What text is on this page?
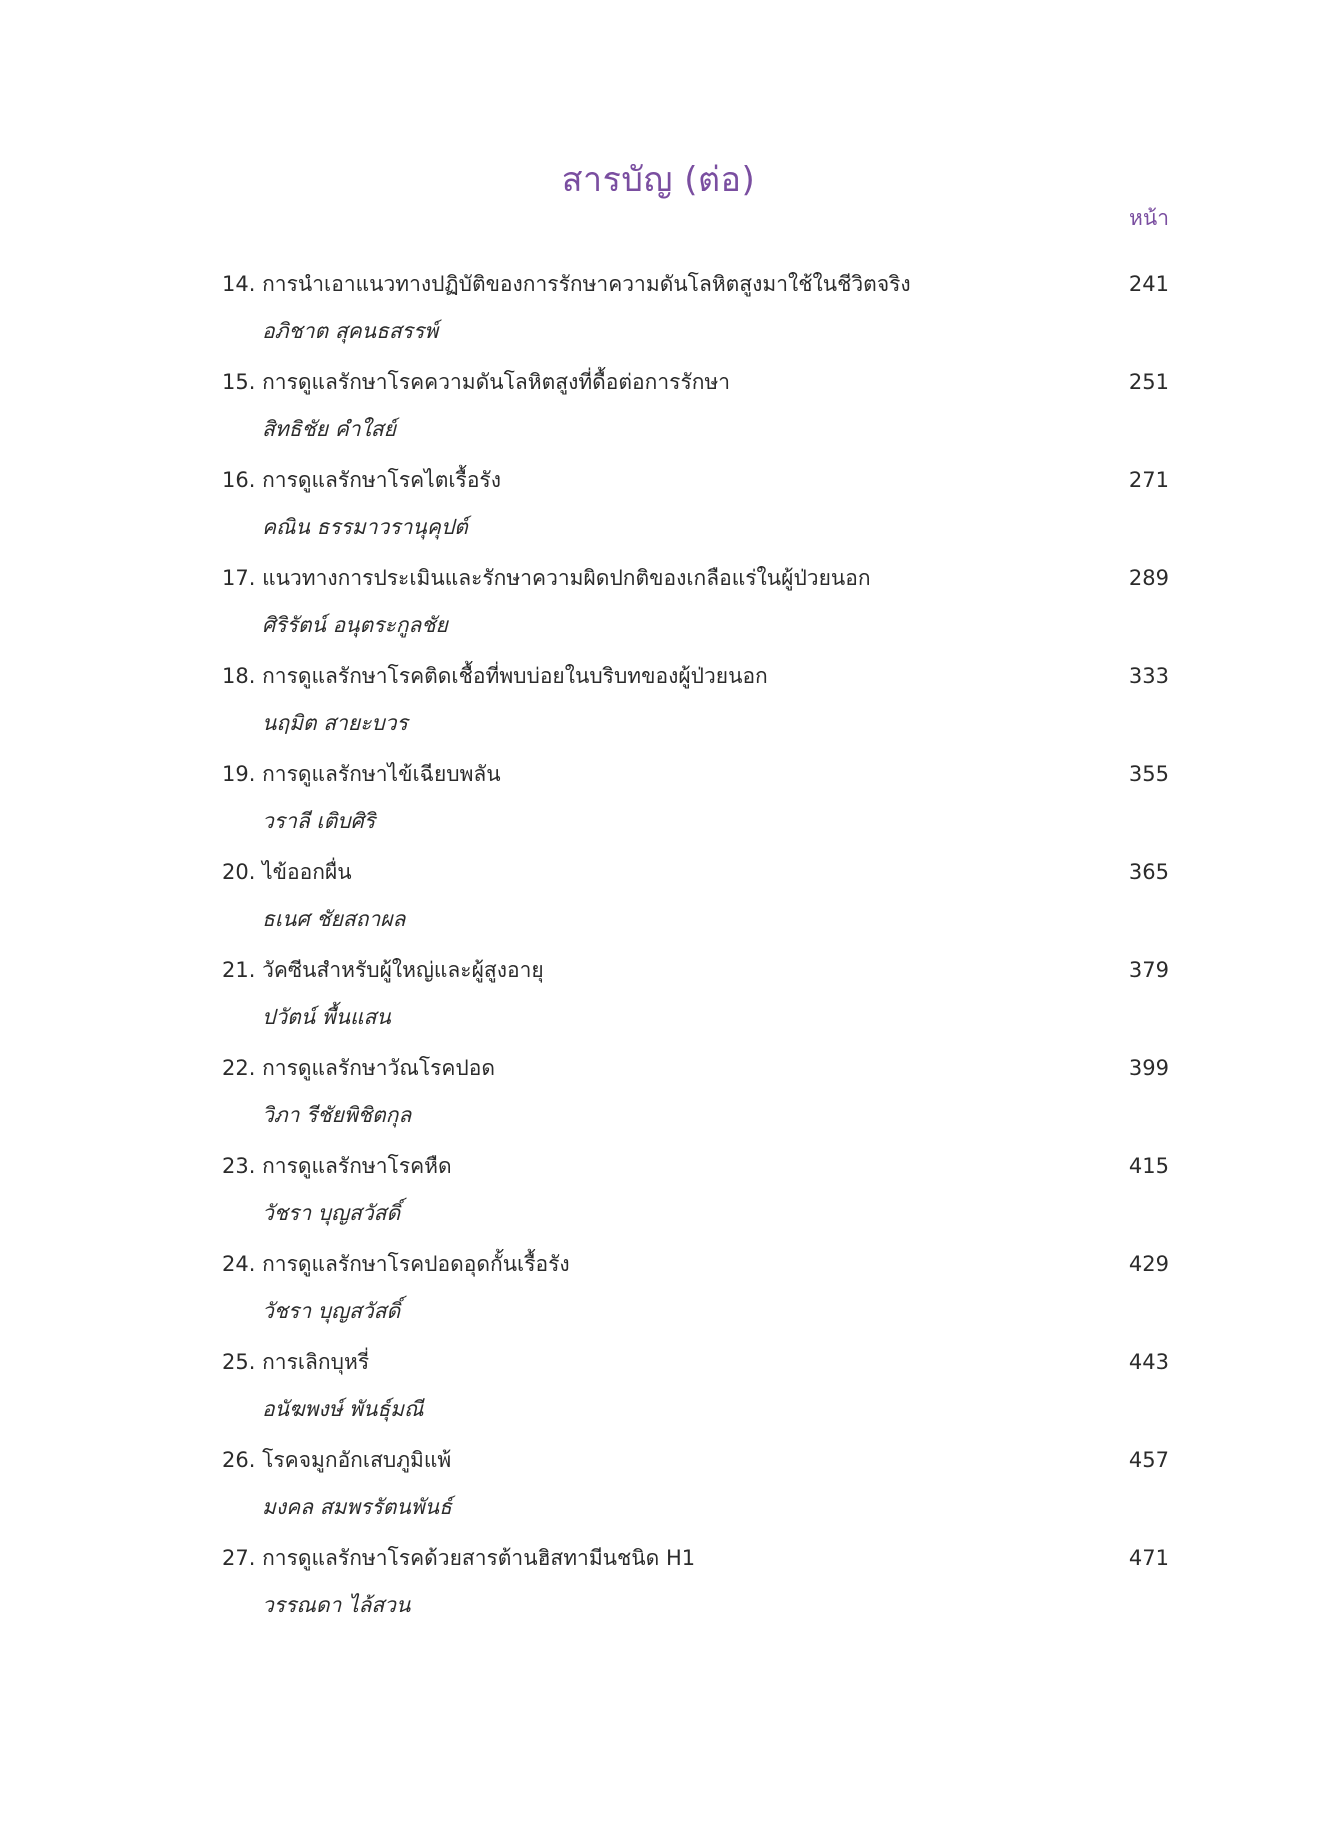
สารบัญ (ต่อ)
หน้า
14. การนำเอาแนวทางปฏิบัติของการรักษาความดันโลหิตสูงมาใช้ในชีวิตจริง	241
อภิชาต สุคนธสรรพ์
15. การดูแลรักษาโรคความดันโลหิตสูงที่ดื้อต่อการรักษา	251
สิทธิชัย คำใสย์
16. การดูแลรักษาโรคไตเรื้อรัง	271
คณิน ธรรมาวรานุคุปต์
17. แนวทางการประเมินและรักษาความผิดปกติของเกลือแร่ในผู้ป่วยนอก	289
ศิริรัตน์ อนุตระกูลชัย
18. การดูแลรักษาโรคติดเชื้อที่พบบ่อยในบริบทของผู้ป่วยนอก	333
นฤมิต สายะบวร
19. การดูแลรักษาไข้เฉียบพลัน	355
วราลี เติบศิริ
20. ไข้ออกผื่น	365
ธเนศ ชัยสถาผล
21. วัคซีนสำหรับผู้ใหญ่และผู้สูงอายุ	379
ปวัตน์ พื้นแสน
22. การดูแลรักษาวัณโรคปอด	399
วิภา รีชัยพิชิตกุล
23. การดูแลรักษาโรคหืด	415
วัชรา บุญสวัสดิ์
24. การดูแลรักษาโรคปอดอุดกั้นเรื้อรัง	429
วัชรา บุญสวัสดิ์
25. การเลิกบุหรี่	443
อนัฆพงษ์ พันธุ์มณี
26. โรคจมูกอักเสบภูมิแพ้	457
มงคล สมพรรัตนพันธ์
27. การดูแลรักษาโรคด้วยสารต้านฮิสทามีนชนิด H1	471
วรรณดา ไล้สวน
